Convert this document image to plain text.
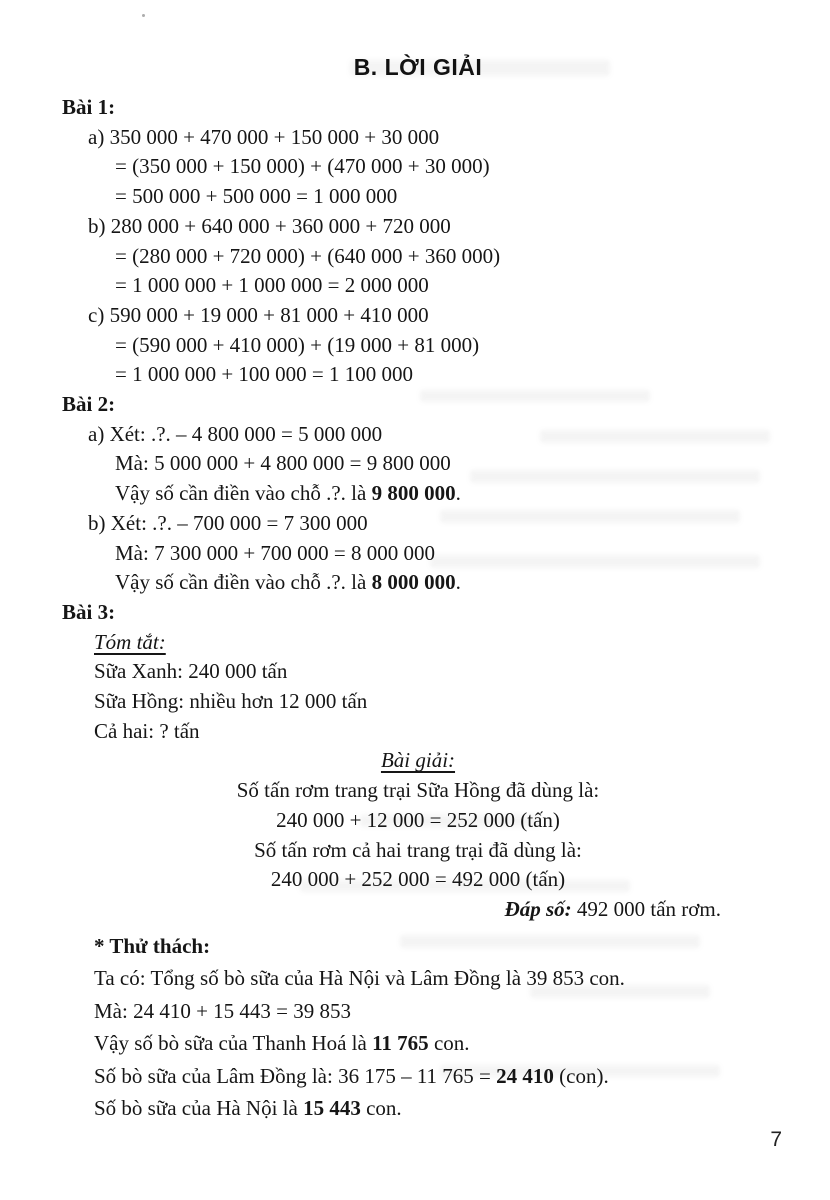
B. LỜI GIẢI
Bài 1:
a) 350 000 + 470 000 + 150 000 + 30 000
= (350 000 + 150 000) + (470 000 + 30 000)
= 500 000 + 500 000 = 1 000 000
b) 280 000 + 640 000 + 360 000 + 720 000
= (280 000 + 720 000) + (640 000 + 360 000)
= 1 000 000 + 1 000 000 = 2 000 000
c) 590 000 + 19 000 + 81 000 + 410 000
= (590 000 + 410 000) + (19 000 + 81 000)
= 1 000 000 + 100 000 = 1 100 000
Bài 2:
a) Xét: .?. – 4 800 000 = 5 000 000
Mà: 5 000 000 + 4 800 000 = 9 800 000
Vậy số cần điền vào chỗ .?. là 9 800 000.
b) Xét: .?. – 700 000 = 7 300 000
Mà: 7 300 000 + 700 000 = 8 000 000
Vậy số cần điền vào chỗ .?. là 8 000 000.
Bài 3:
Tóm tắt:
Sữa Xanh: 240 000 tấn
Sữa Hồng: nhiều hơn 12 000 tấn
Cả hai: ? tấn
Bài giải:
Số tấn rơm trang trại Sữa Hồng đã dùng là:
240 000 + 12 000 = 252 000 (tấn)
Số tấn rơm cả hai trang trại đã dùng là:
240 000 + 252 000 = 492 000 (tấn)
Đáp số: 492 000 tấn rơm.
* Thử thách:
Ta có: Tổng số bò sữa của Hà Nội và Lâm Đồng là 39 853 con.
Mà: 24 410 + 15 443 = 39 853
Vậy số bò sữa của Thanh Hoá là 11 765 con.
Số bò sữa của Lâm Đồng là: 36 175 – 11 765 = 24 410 (con).
Số bò sữa của Hà Nội là 15 443 con.
7
